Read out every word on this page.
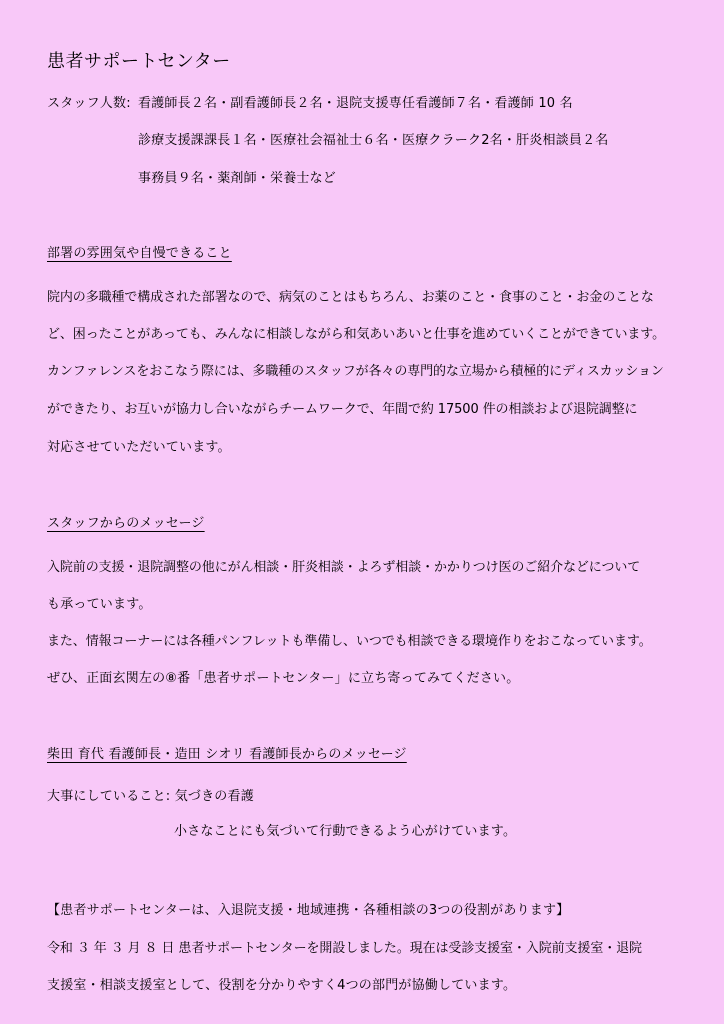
患者サポートセンター
スタッフ人数: 看護師長２名・副看護師長２名・退院支援専任看護師７名・看護師 10 名
診療支援課課長１名・医療社会福祉士６名・医療クラーク2名・肝炎相談員２名
事務員９名・薬剤師・栄養士など
部署の雰囲気や自慢できること
院内の多職種で構成された部署なので、病気のことはもちろん、お薬のこと・食事のこと・お金のことな
ど、困ったことがあっても、みんなに相談しながら和気あいあいと仕事を進めていくことができています。
カンファレンスをおこなう際には、多職種のスタッフが各々の専門的な立場から積極的にディスカッション
ができたり、お互いが協力し合いながらチームワークで、年間で約 17500 件の相談および退院調整に
対応させていただいています。
スタッフからのメッセージ
入院前の支援・退院調整の他にがん相談・肝炎相談・よろず相談・かかりつけ医のご紹介などについて
も承っています。
また、情報コーナーには各種パンフレットも準備し、いつでも相談できる環境作りをおこなっています。
ぜひ、正面玄関左の⑧番「患者サポートセンター」に立ち寄ってみてください。
柴田 育代 看護師長・造田 シオリ 看護師長からのメッセージ
大事にしていること: 気づきの看護
小さなことにも気づいて行動できるよう心がけています。
【患者サポートセンターは、入退院支援・地域連携・各種相談の3つの役割があります】
令和 ３ 年 ３ 月 ８ 日 患者サポートセンターを開設しました。現在は受診支援室・入院前支援室・退院
支援室・相談支援室として、役割を分かりやすく4つの部門が協働しています。
